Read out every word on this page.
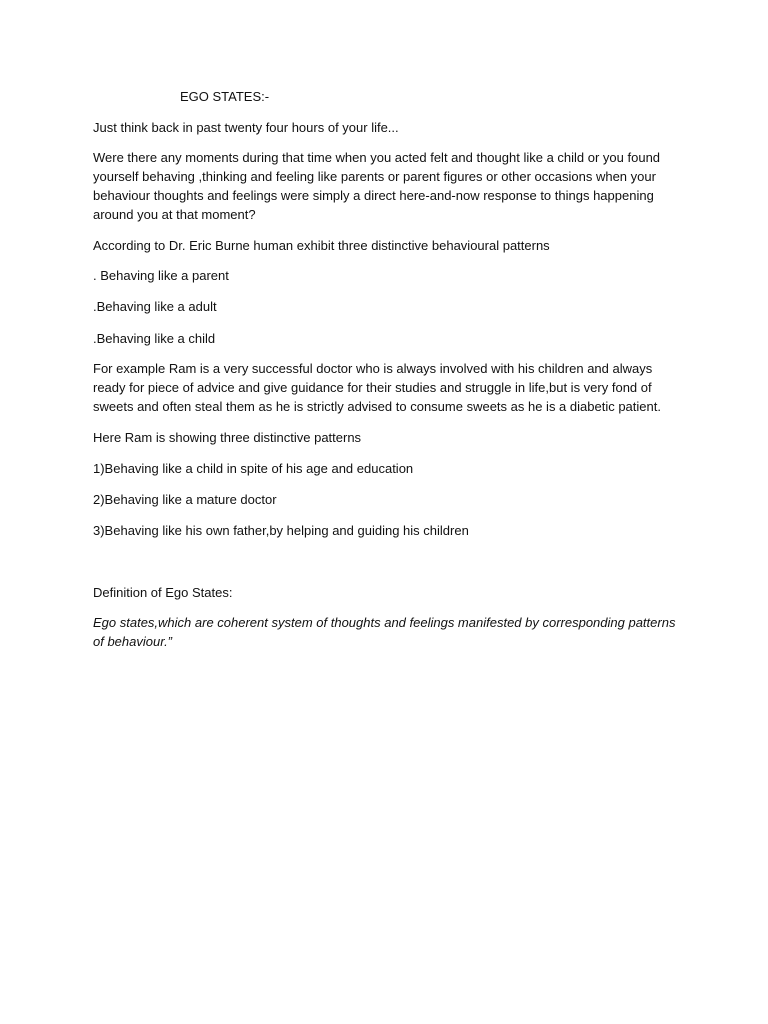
EGO STATES:-
Just think back in past twenty four hours of your life...
Were there any moments during that time when you acted felt and thought like a child or you found
yourself behaving ,thinking and feeling like parents or parent figures or other occasions when your
behaviour thoughts and feelings were simply a direct here-and-now response to things happening
around you at that moment?
According to Dr. Eric Burne human exhibit three distinctive behavioural patterns
. Behaving like a parent
.Behaving like a adult
.Behaving like a child
For example Ram is a very successful doctor who is always involved with his children and always
ready for piece of advice and give guidance for their studies and struggle in life,but is very fond of
sweets and often steal them as he is strictly advised to consume sweets as he is a diabetic patient.
Here Ram is showing three distinctive patterns
1)Behaving like a child in spite of his age and education
2)Behaving like a mature doctor
3)Behaving like his own father,by helping and guiding his children
Definition of Ego States:
Ego states,which are coherent system of thoughts and feelings manifested by corresponding patterns
of behaviour.”
